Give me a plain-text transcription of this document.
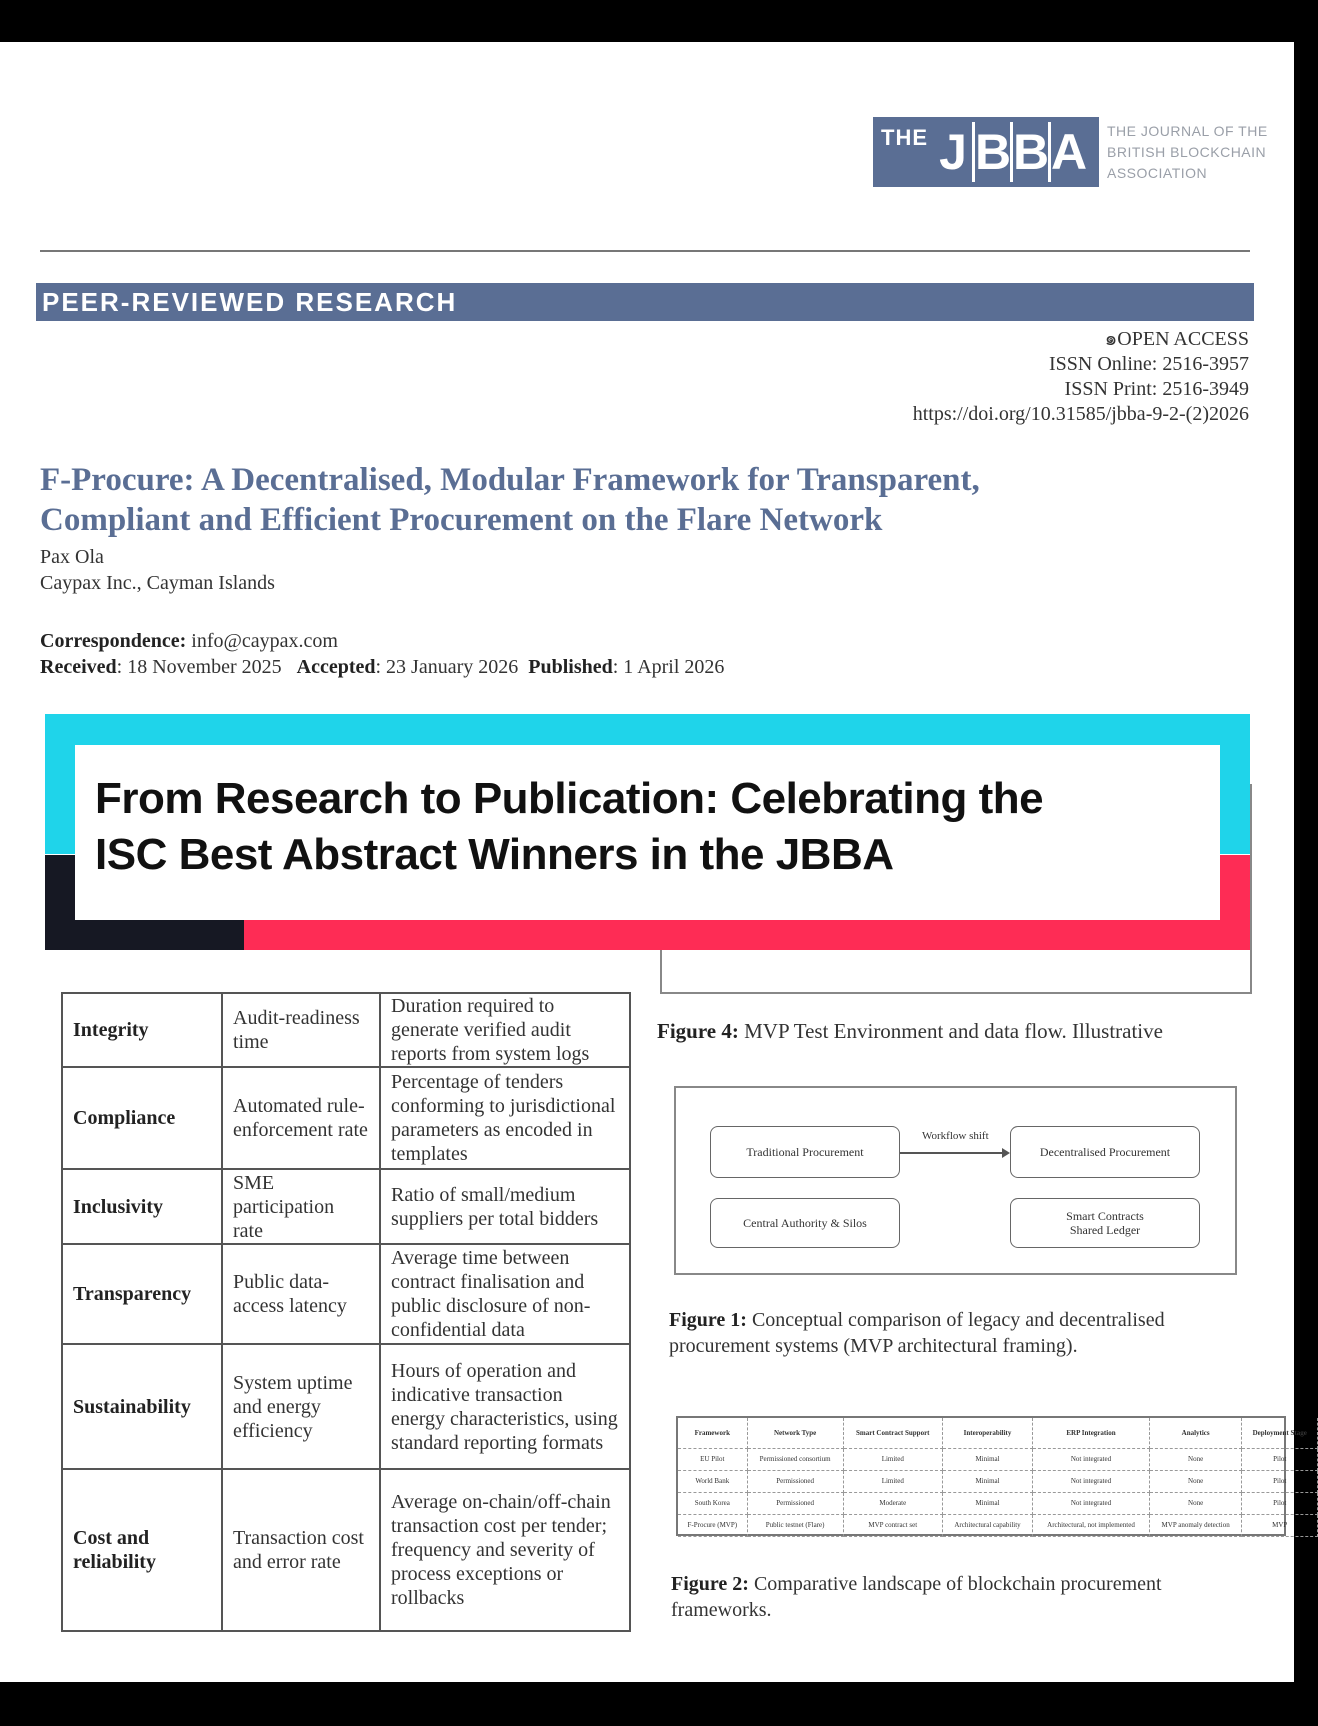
THE J B B A THE JOURNAL OF THE
BRITISH BLOCKCHAIN
ASSOCIATION
PEER-REVIEWED RESEARCH
๑OPEN ACCESS
ISSN Online: 2516-3957
ISSN Print: 2516-3949
https://doi.org/10.31585/jbba-9-2-(2)2026
F-Procure: A Decentralised, Modular Framework for Transparent,
Compliant and Efficient Procurement on the Flare Network
Pax Ola
Caypax Inc., Cayman Islands
Correspondence: info@caypax.com
Received: 18 November 2025 Accepted: 23 January 2026 Published: 1 April 2026
Figure 4: MVP Test Environment and data flow. Illustrative
Integrity	Audit-readiness time	Duration required to generate verified audit reports from system logs
Compliance	Automated rule-enforcement rate	Percentage of tenders conforming to jurisdictional parameters as encoded in templates
Inclusivity	SME participation rate	Ratio of small/medium suppliers per total bidders
Transparency	Public data-access latency	Average time between contract finalisation and public disclosure of non-confidential data
Sustainability	System uptime and energy efficiency	Hours of operation and indicative transaction energy characteristics, using standard reporting formats
Cost and reliability	Transaction cost and error rate	Average on-chain/off-chain transaction cost per tender; frequency and severity of process exceptions or rollbacks
Traditional Procurement	Decentralised Procurement
Central Authority & Silos	Smart Contracts
Shared Ledger
Workflow shift
Figure 1: Conceptual comparison of legacy and decentralised procurement systems (MVP architectural framing).
Framework	Network Type	Smart Contract Support	Interoperability	ERP Integration	Analytics	Deployment Stage
EU Pilot	Permissioned consortium	Limited	Minimal	Not integrated	None	Pilot
World Bank	Permissioned	Limited	Minimal	Not integrated	None	Pilot
South Korea	Permissioned	Moderate	Minimal	Not integrated	None	Pilot
F-Procure (MVP)	Public testnet (Flare)	MVP contract set	Architectural capability	Architectural, not implemented	MVP anomaly detection	MVP
Figure 2: Comparative landscape of blockchain procurement frameworks.
From Research to Publication: Celebrating the
ISC Best Abstract Winners in the JBBA
